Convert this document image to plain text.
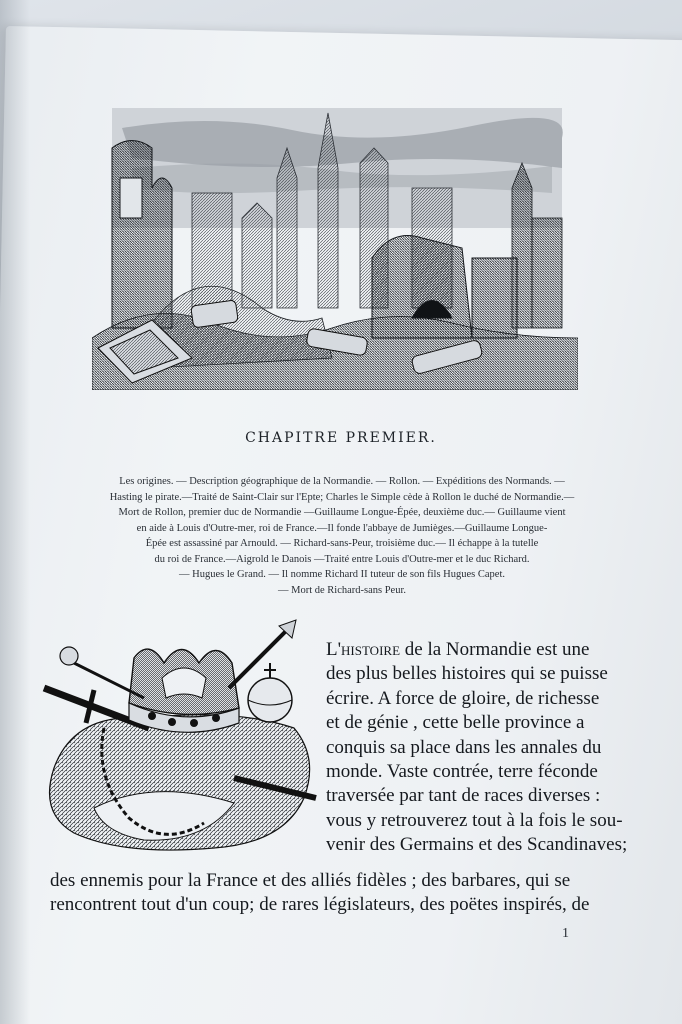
CHAPITRE PREMIER.
Les origines. — Description géographique de la Normandie. — Rollon. — Expéditions des Normands. —
Hasting le pirate.—Traité de Saint-Clair sur l'Epte; Charles le Simple cède à Rollon le duché de Normandie.—
Mort de Rollon, premier duc de Normandie —Guillaume Longue-Épée, deuxième duc.— Guillaume vient
en aide à Louis d'Outre-mer, roi de France.—Il fonde l'abbaye de Jumièges.—Guillaume Longue-
Épée est assassiné par Arnould. — Richard-sans-Peur, troisième duc.— Il échappe à la tutelle
du roi de France.—Aigrold le Danois —Traité entre Louis d'Outre-mer et le duc Richard.
— Hugues le Grand. — Il nomme Richard II tuteur de son fils Hugues Capet.
— Mort de Richard-sans Peur.
L'histoire de la Normandie est une
des plus belles histoires qui se puisse
écrire. A force de gloire, de richesse
et de génie , cette belle province a
conquis sa place dans les annales du
monde. Vaste contrée, terre féconde
traversée par tant de races diverses :
vous y retrouverez tout à la fois le sou-
venir des Germains et des Scandinaves;
des ennemis pour la France et des alliés fidèles ; des barbares, qui se
rencontrent tout d'un coup; de rares législateurs, des poëtes inspirés, de
1
